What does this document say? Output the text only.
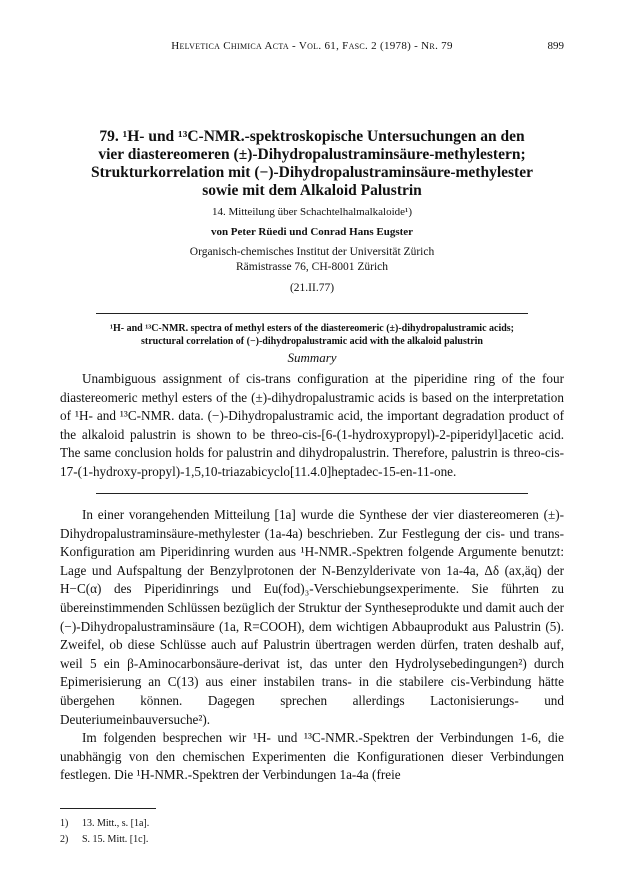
Helvetica Chimica Acta - Vol. 61, Fasc. 2 (1978) - Nr. 79	899
79. ¹H- und ¹³C-NMR.-spektroskopische Untersuchungen an den
vier diastereomeren (±)-Dihydropalustraminsäure-methylestern;
Strukturkorrelation mit (−)-Dihydropalustraminsäure-methylester
sowie mit dem Alkaloid Palustrin
14. Mitteilung über Schachtelhalmalkaloide¹)
von Peter Rüedi und Conrad Hans Eugster
Organisch-chemisches Institut der Universität Zürich
Rämistrasse 76, CH-8001 Zürich
(21.II.77)
¹H- and ¹³C-NMR. spectra of methyl esters of the diastereomeric (±)-dihydropalustramic acids;
structural correlation of (−)-dihydropalustramic acid with the alkaloid palustrin
Summary

Unambiguous assignment of cis-trans configuration at the piperidine ring of the four diastereomeric methyl esters of the (±)-dihydropalustramic acids is based on the interpretation of ¹H- and ¹³C-NMR. data. (−)-Dihydropalustramic acid, the important degradation product of the alkaloid palustrin is shown to be threo-cis-[6-(1-hydroxypropyl)-2-piperidyl]acetic acid. The same conclusion holds for palustrin and dihydropalustrin. Therefore, palustrin is threo-cis-17-(1-hydroxy-propyl)-1,5,10-triazabicyclo[11.4.0]heptadec-15-en-11-one.

In einer vorangehenden Mitteilung [1a] wurde die Synthese der vier diastereomeren (±)-Dihydropalustraminsäure-methylester (1a-4a) beschrieben. Zur Festlegung der cis- und trans-Konfiguration am Piperidinring wurden aus ¹H-NMR.-Spektren folgende Argumente benutzt: Lage und Aufspaltung der Benzylprotonen der N-Benzylderivate von 1a-4a, Δδ (ax,äq) der H−C(α) des Piperidinrings und Eu(fod)₃-Verschiebungsexperimente. Sie führten zu übereinstimmenden Schlüssen bezüglich der Struktur der Syntheseprodukte und damit auch der (−)-Dihydropalustraminsäure (1a, R=COOH), dem wichtigen Abbauprodukt aus Palustrin (5). Zweifel, ob diese Schlüsse auch auf Palustrin übertragen werden dürfen, traten deshalb auf, weil 5 ein β-Aminocarbonsäure-derivat ist, das unter den Hydrolysebedingungen²) durch Epimerisierung an C(13) aus einer instabilen trans- in die stabilere cis-Verbindung hätte übergehen können. Dagegen sprechen allerdings Lactonisierungs- und Deuteriumeinbauversuche²).

Im folgenden besprechen wir ¹H- und ¹³C-NMR.-Spektren der Verbindungen 1-6, die unabhängig von den chemischen Experimenten die Konfigurationen dieser Verbindungen festlegen. Die ¹H-NMR.-Spektren der Verbindungen 1a-4a (freie

1) 13. Mitt., s. [1a].
2) S. 15. Mitt. [1c].
